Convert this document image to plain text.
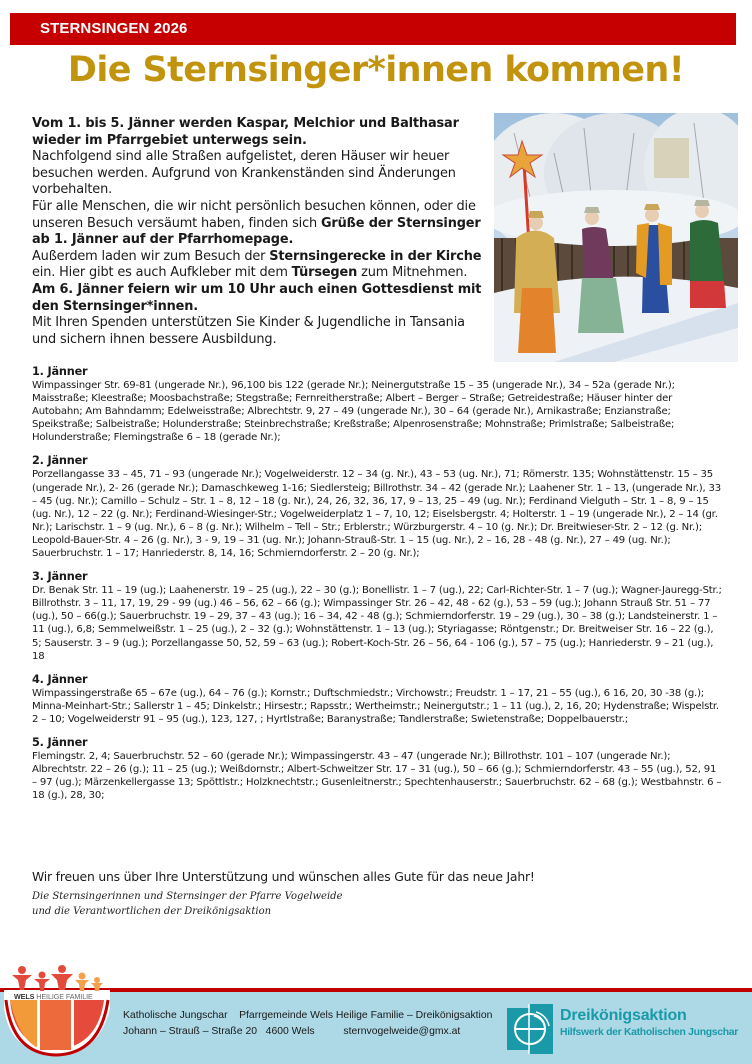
STERNSINGEN 2026
Die Sternsinger*innen kommen!
Vom 1. bis 5. Jänner werden Kaspar, Melchior und Balthasar wieder im Pfarrgebiet unterwegs sein.
Nachfolgend sind alle Straßen aufgelistet, deren Häuser wir heuer besuchen werden. Aufgrund von Krankenständen sind Änderungen vorbehalten.
Für alle Menschen, die wir nicht persönlich besuchen können, oder die unseren Besuch versäumt haben, finden sich Grüße der Sternsinger ab 1. Jänner auf der Pfarrhomepage.
Außerdem laden wir zum Besuch der Sternsingerecke in der Kirche ein. Hier gibt es auch Aufkleber mit dem Türsegen zum Mitnehmen. Am 6. Jänner feiern wir um 10 Uhr auch einen Gottesdienst mit den Sternsinger*innen.
Mit Ihren Spenden unterstützen Sie Kinder & Jugendliche in Tansania und sichern ihnen bessere Ausbildung.
1. Jänner
Wimpassinger Str. 69-81 (ungerade Nr.), 96,100 bis 122 (gerade Nr.); Neinergutstraße 15 – 35 (ungerade Nr.), 34 – 52a (gerade Nr.); Maisstraße; Kleestraße; Moosbachstraße; Stegstraße; Fernreitherstraße; Albert – Berger – Straße; Getreidestraße; Häuser hinter der Autobahn; Am Bahndamm; Edelweisstraße; Albrechtstr. 9, 27 – 49 (ungerade Nr.), 30 – 64 (gerade Nr.), Arnikastraße; Enzianstraße; Speikstraße; Salbeistraße; Holunderstraße; Steinbrechstraße; Kreßstraße; Alpenrosenstraße; Mohnstraße; Primlstraße; Salbeistraße; Holunderstraße; Flemingstraße 6 – 18 (gerade Nr.);
2. Jänner
Porzellangasse 33 – 45, 71 – 93 (ungerade Nr.); Vogelweiderstr. 12 – 34 (g. Nr.), 43 – 53 (ug. Nr.), 71; Römerstr. 135; Wohnstättenstr. 15 – 35 (ungerade Nr.), 2- 26 (gerade Nr.); Damaschkeweg 1-16; Siedlersteig; Billrothstr. 34 – 42 (gerade Nr.); Laahener Str. 1 – 13, (ungerade Nr.), 33 – 45 (ug. Nr.); Camillo – Schulz – Str. 1 – 8, 12 – 18 (g. Nr.), 24, 26, 32, 36, 17, 9 – 13, 25 – 49 (ug. Nr.); Ferdinand Vielguth – Str. 1 – 8, 9 – 15 (ug. Nr.), 12 – 22 (g. Nr.); Ferdinand-Wiesinger-Str.; Vogelweiderplatz 1 – 7, 10, 12; Eiselsbergstr. 4; Holterstr. 1 – 19 (ungerade Nr.), 2 – 14 (gr. Nr.); Larischstr. 1 – 9 (ug. Nr.), 6 – 8 (g. Nr.); Wilhelm – Tell – Str.; Erblerstr.; Würzburgerstr. 4 – 10 (g. Nr.); Dr. Breitwieser-Str. 2 – 12 (g. Nr.); Leopold-Bauer-Str. 4 – 26 (g. Nr.), 3 - 9, 19 – 31 (ug. Nr.); Johann-Strauß-Str. 1 – 15 (ug. Nr.), 2 – 16, 28 - 48 (g. Nr.), 27 – 49 (ug. Nr.); Sauerbruchstr. 1 – 17; Hanriederstr. 8, 14, 16; Schmierndorferstr. 2 – 20 (g. Nr.);
3. Jänner
Dr. Benak Str. 11 – 19 (ug.); Laahenerstr. 19 – 25 (ug.), 22 – 30 (g.); Bonellistr. 1 – 7 (ug.), 22; Carl-Richter-Str. 1 – 7 (ug.); Wagner-Jauregg-Str.; Billrothstr. 3 – 11, 17, 19, 29 - 99 (ug.) 46 – 56, 62 – 66 (g.); Wimpassinger Str. 26 – 42, 48 - 62 (g.), 53 – 59 (ug.); Johann Strauß Str. 51 – 77 (ug.), 50 – 66(g.); Sauerbruchstr. 19 – 29, 37 – 43 (ug.); 16 – 34, 42 - 48 (g.); Schmierndorferstr. 19 – 29 (ug.), 30 – 38 (g.); Landsteinerstr. 1 – 11 (ug.), 6,8; Semmelweißstr. 1 – 25 (ug.), 2 – 32 (g.); Wohnstättenstr. 1 – 13 (ug.); Styriagasse; Röntgenstr.; Dr. Breitweiser Str. 16 – 22 (g.), 5; Sauserstr. 3 – 9 (ug.); Porzellangasse 50, 52, 59 – 63 (ug.); Robert-Koch-Str. 26 – 56, 64 - 106 (g.), 57 – 75 (ug.); Hanriederstr. 9 – 21 (ug.), 18
4. Jänner
Wimpassingerstraße 65 – 67e (ug.), 64 – 76 (g.); Kornstr.; Duftschmiedstr.; Virchowstr.; Freudstr. 1 – 17, 21 – 55 (ug.), 6 16, 20, 30 -38 (g.); Minna-Meinhart-Str.; Sallerstr 1 – 45; Dinkelstr.; Hirsestr.; Rapsstr.; Wertheimstr.; Neinergutstr.; 1 – 11 (ug.), 2, 16, 20; Hydenstraße; Wispelstr. 2 – 10; Vogelweiderstr 91 – 95 (ug.), 123, 127, ; Hyrtlstraße; Baranystraße; Tandlerstraße; Swietenstraße; Doppelbauerstr.;
5. Jänner
Flemingstr. 2, 4; Sauerbruchstr. 52 – 60 (gerade Nr.); Wimpassingerstr. 43 – 47 (ungerade Nr.); Billrothstr. 101 – 107 (ungerade Nr.); Albrechtstr. 22 – 26 (g.); 11 – 25 (ug.); Weißdornstr.; Albert-Schweitzer Str. 17 – 31 (ug.), 50 – 66 (g.); Schmierndorferstr. 43 – 55 (ug.), 52, 91 – 97 (ug.); Märzenkellergasse 13; Spöttlstr.; Holzknechtstr.; Gusenleitnerstr.; Spechtenhauserstr.; Sauerbruchstr. 62 – 68 (g.); Westbahnstr. 6 – 18 (g.), 28, 30;
Wir freuen uns über Ihre Unterstützung und wünschen alles Gute für das neue Jahr!
Die Sternsingerinnen und Sternsinger der Pfarre Vogelweide
und die Verantwortlichen der Dreikönigsaktion
WELS HEILIGE FAMILIE
Katholische Jungschar    Pfarrgemeinde Wels Heilige Familie – Dreikönigsaktion
Johann – Strauß – Straße 20   4600 Wels          sternvogelweide@gmx.at
Dreikönigsaktion
Hilfswerk der Katholischen Jungschar
